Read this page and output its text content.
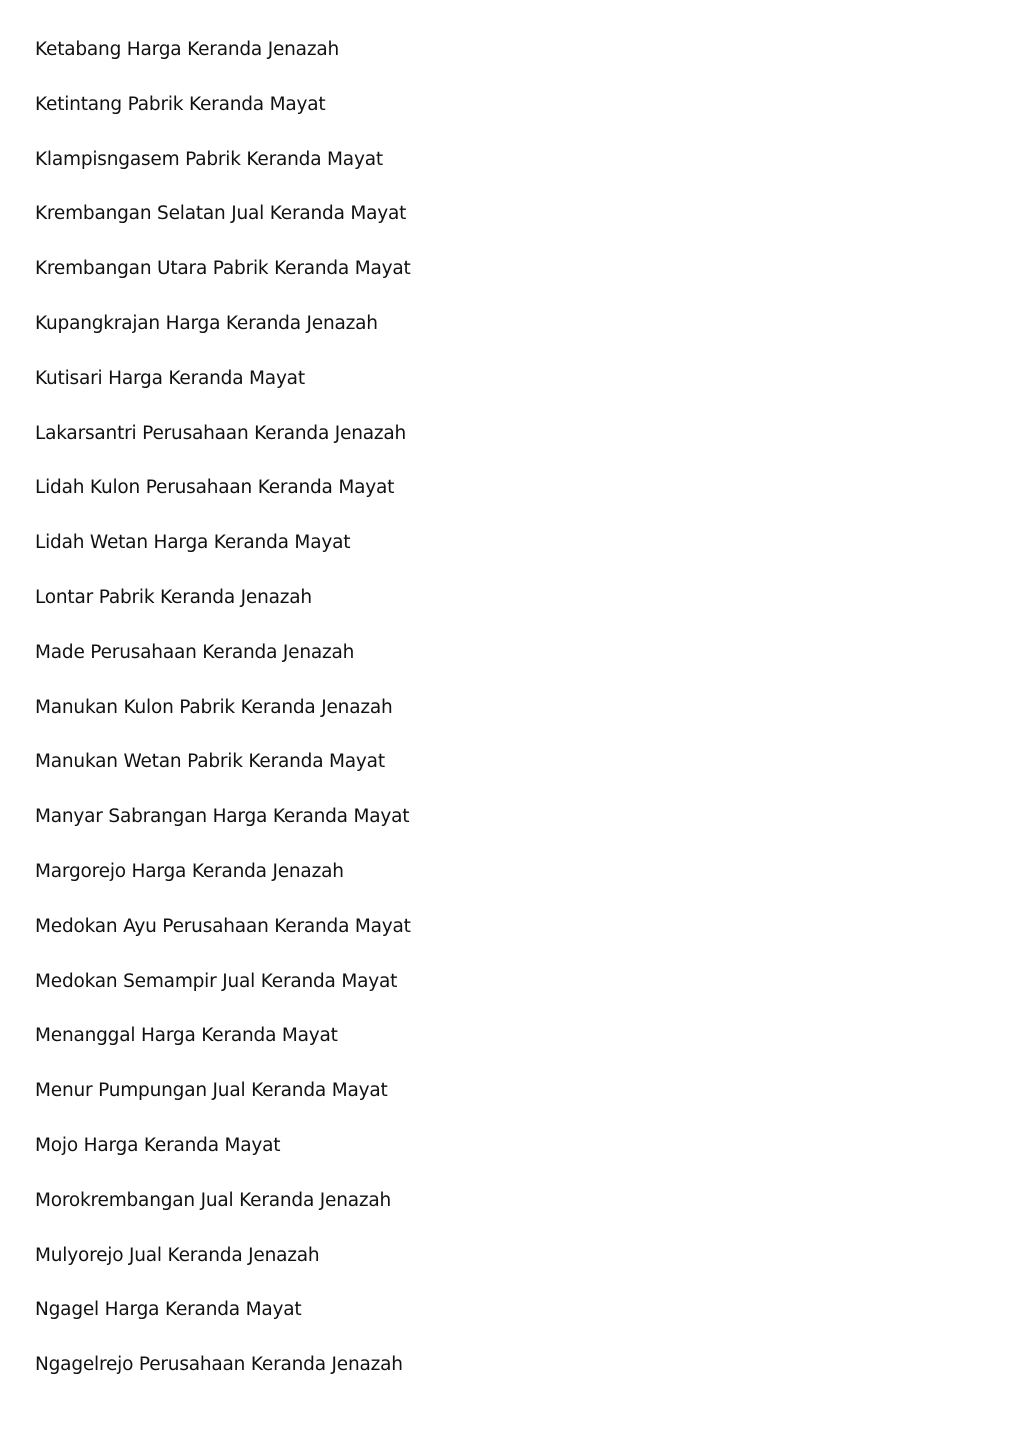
Ketabang Harga Keranda Jenazah
Ketintang Pabrik Keranda Mayat
Klampisngasem Pabrik Keranda Mayat
Krembangan Selatan Jual Keranda Mayat
Krembangan Utara Pabrik Keranda Mayat
Kupangkrajan Harga Keranda Jenazah
Kutisari Harga Keranda Mayat
Lakarsantri Perusahaan Keranda Jenazah
Lidah Kulon Perusahaan Keranda Mayat
Lidah Wetan Harga Keranda Mayat
Lontar Pabrik Keranda Jenazah
Made Perusahaan Keranda Jenazah
Manukan Kulon Pabrik Keranda Jenazah
Manukan Wetan Pabrik Keranda Mayat
Manyar Sabrangan Harga Keranda Mayat
Margorejo Harga Keranda Jenazah
Medokan Ayu Perusahaan Keranda Mayat
Medokan Semampir Jual Keranda Mayat
Menanggal Harga Keranda Mayat
Menur Pumpungan Jual Keranda Mayat
Mojo Harga Keranda Mayat
Morokrembangan Jual Keranda Jenazah
Mulyorejo Jual Keranda Jenazah
Ngagel Harga Keranda Mayat
Ngagelrejo Perusahaan Keranda Jenazah
